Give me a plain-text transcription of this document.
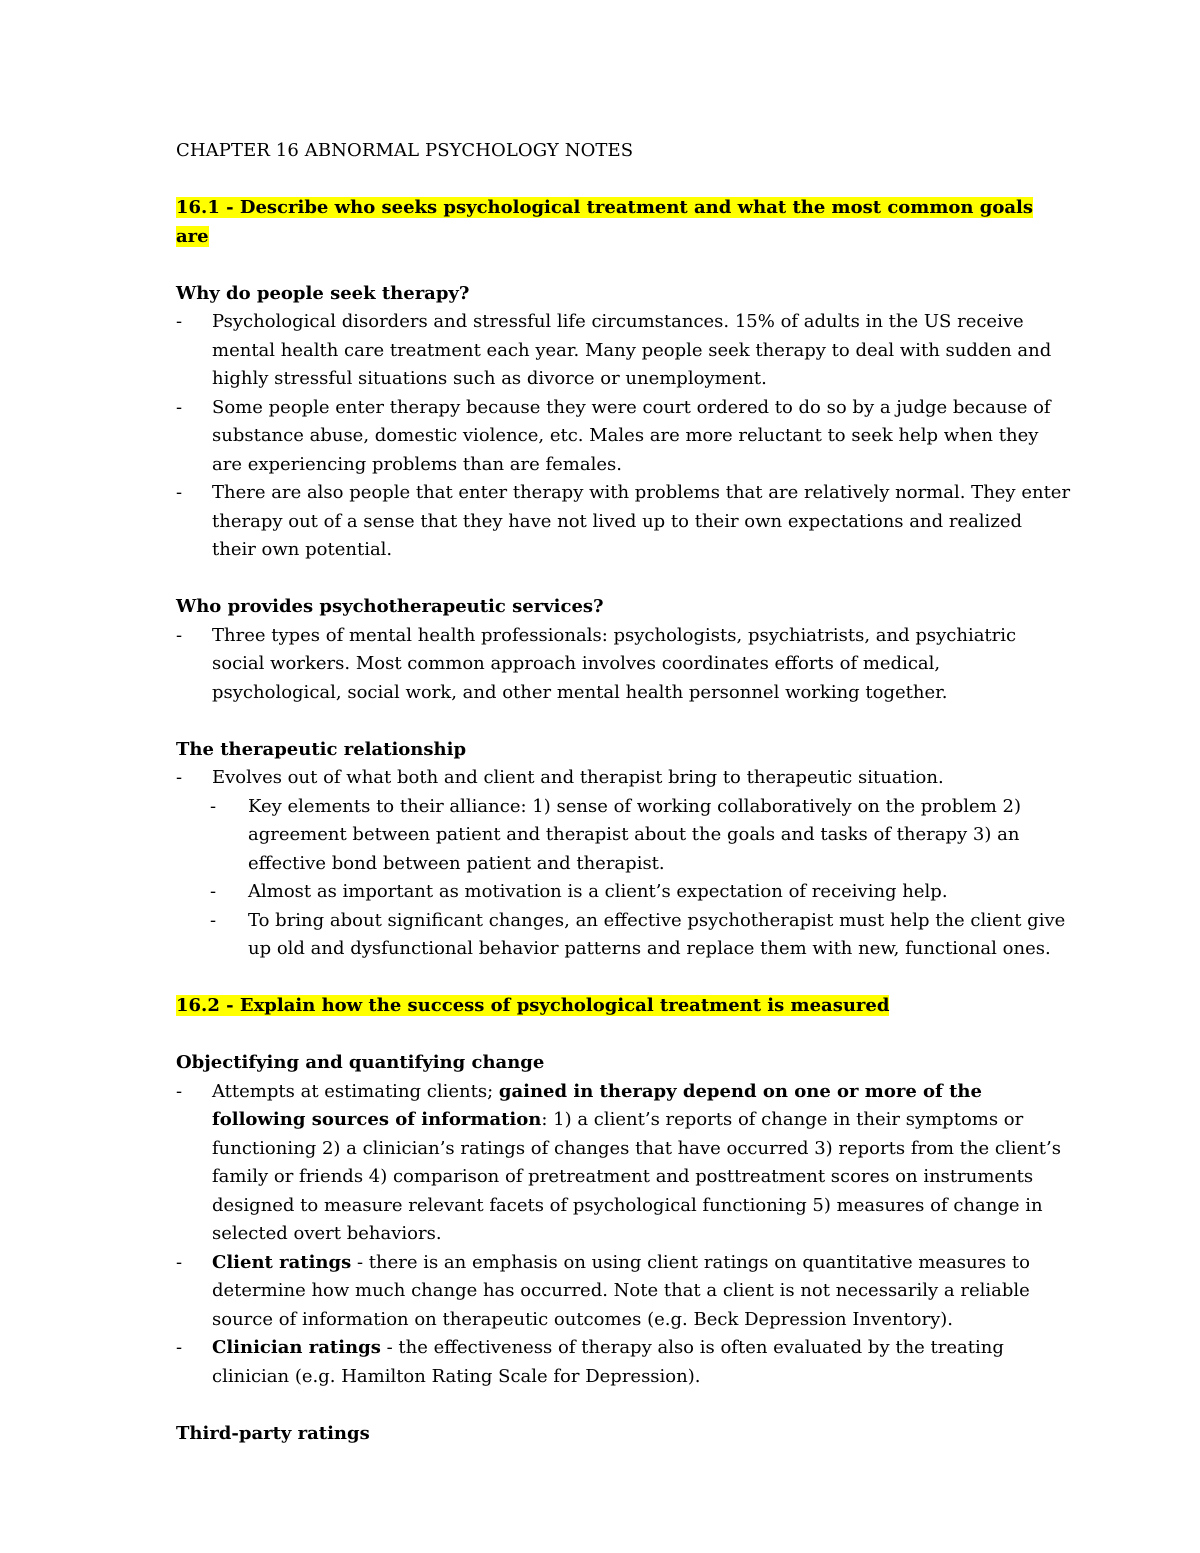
CHAPTER 16 ABNORMAL PSYCHOLOGY NOTES

16.1 - Describe who seeks psychological treatment and what the most common goals are

Why do people seek therapy?

- Psychological disorders and stressful life circumstances. 15% of adults in the US receive mental health care treatment each year. Many people seek therapy to deal with sudden and highly stressful situations such as divorce or unemployment.
- Some people enter therapy because they were court ordered to do so by a judge because of substance abuse, domestic violence, etc. Males are more reluctant to seek help when they are experiencing problems than are females.
- There are also people that enter therapy with problems that are relatively normal. They enter therapy out of a sense that they have not lived up to their own expectations and realized their own potential.

Who provides psychotherapeutic services?

- Three types of mental health professionals: psychologists, psychiatrists, and psychiatric social workers. Most common approach involves coordinates efforts of medical, psychological, social work, and other mental health personnel working together.

The therapeutic relationship

- Evolves out of what both and client and therapist bring to therapeutic situation.
- Key elements to their alliance: 1) sense of working collaboratively on the problem 2) agreement between patient and therapist about the goals and tasks of therapy 3) an effective bond between patient and therapist.
- Almost as important as motivation is a client’s expectation of receiving help.
- To bring about significant changes, an effective psychotherapist must help the client give up old and dysfunctional behavior patterns and replace them with new, functional ones.

16.2 - Explain how the success of psychological treatment is measured

Objectifying and quantifying change

- Attempts at estimating clients; gained in therapy depend on one or more of the following sources of information: 1) a client’s reports of change in their symptoms or functioning 2) a clinician’s ratings of changes that have occurred 3) reports from the client’s family or friends 4) comparison of pretreatment and posttreatment scores on instruments designed to measure relevant facets of psychological functioning 5) measures of change in selected overt behaviors.
- Client ratings - there is an emphasis on using client ratings on quantitative measures to determine how much change has occurred. Note that a client is not necessarily a reliable source of information on therapeutic outcomes (e.g. Beck Depression Inventory).
- Clinician ratings - the effectiveness of therapy also is often evaluated by the treating clinician (e.g. Hamilton Rating Scale for Depression).

Third-party ratings
